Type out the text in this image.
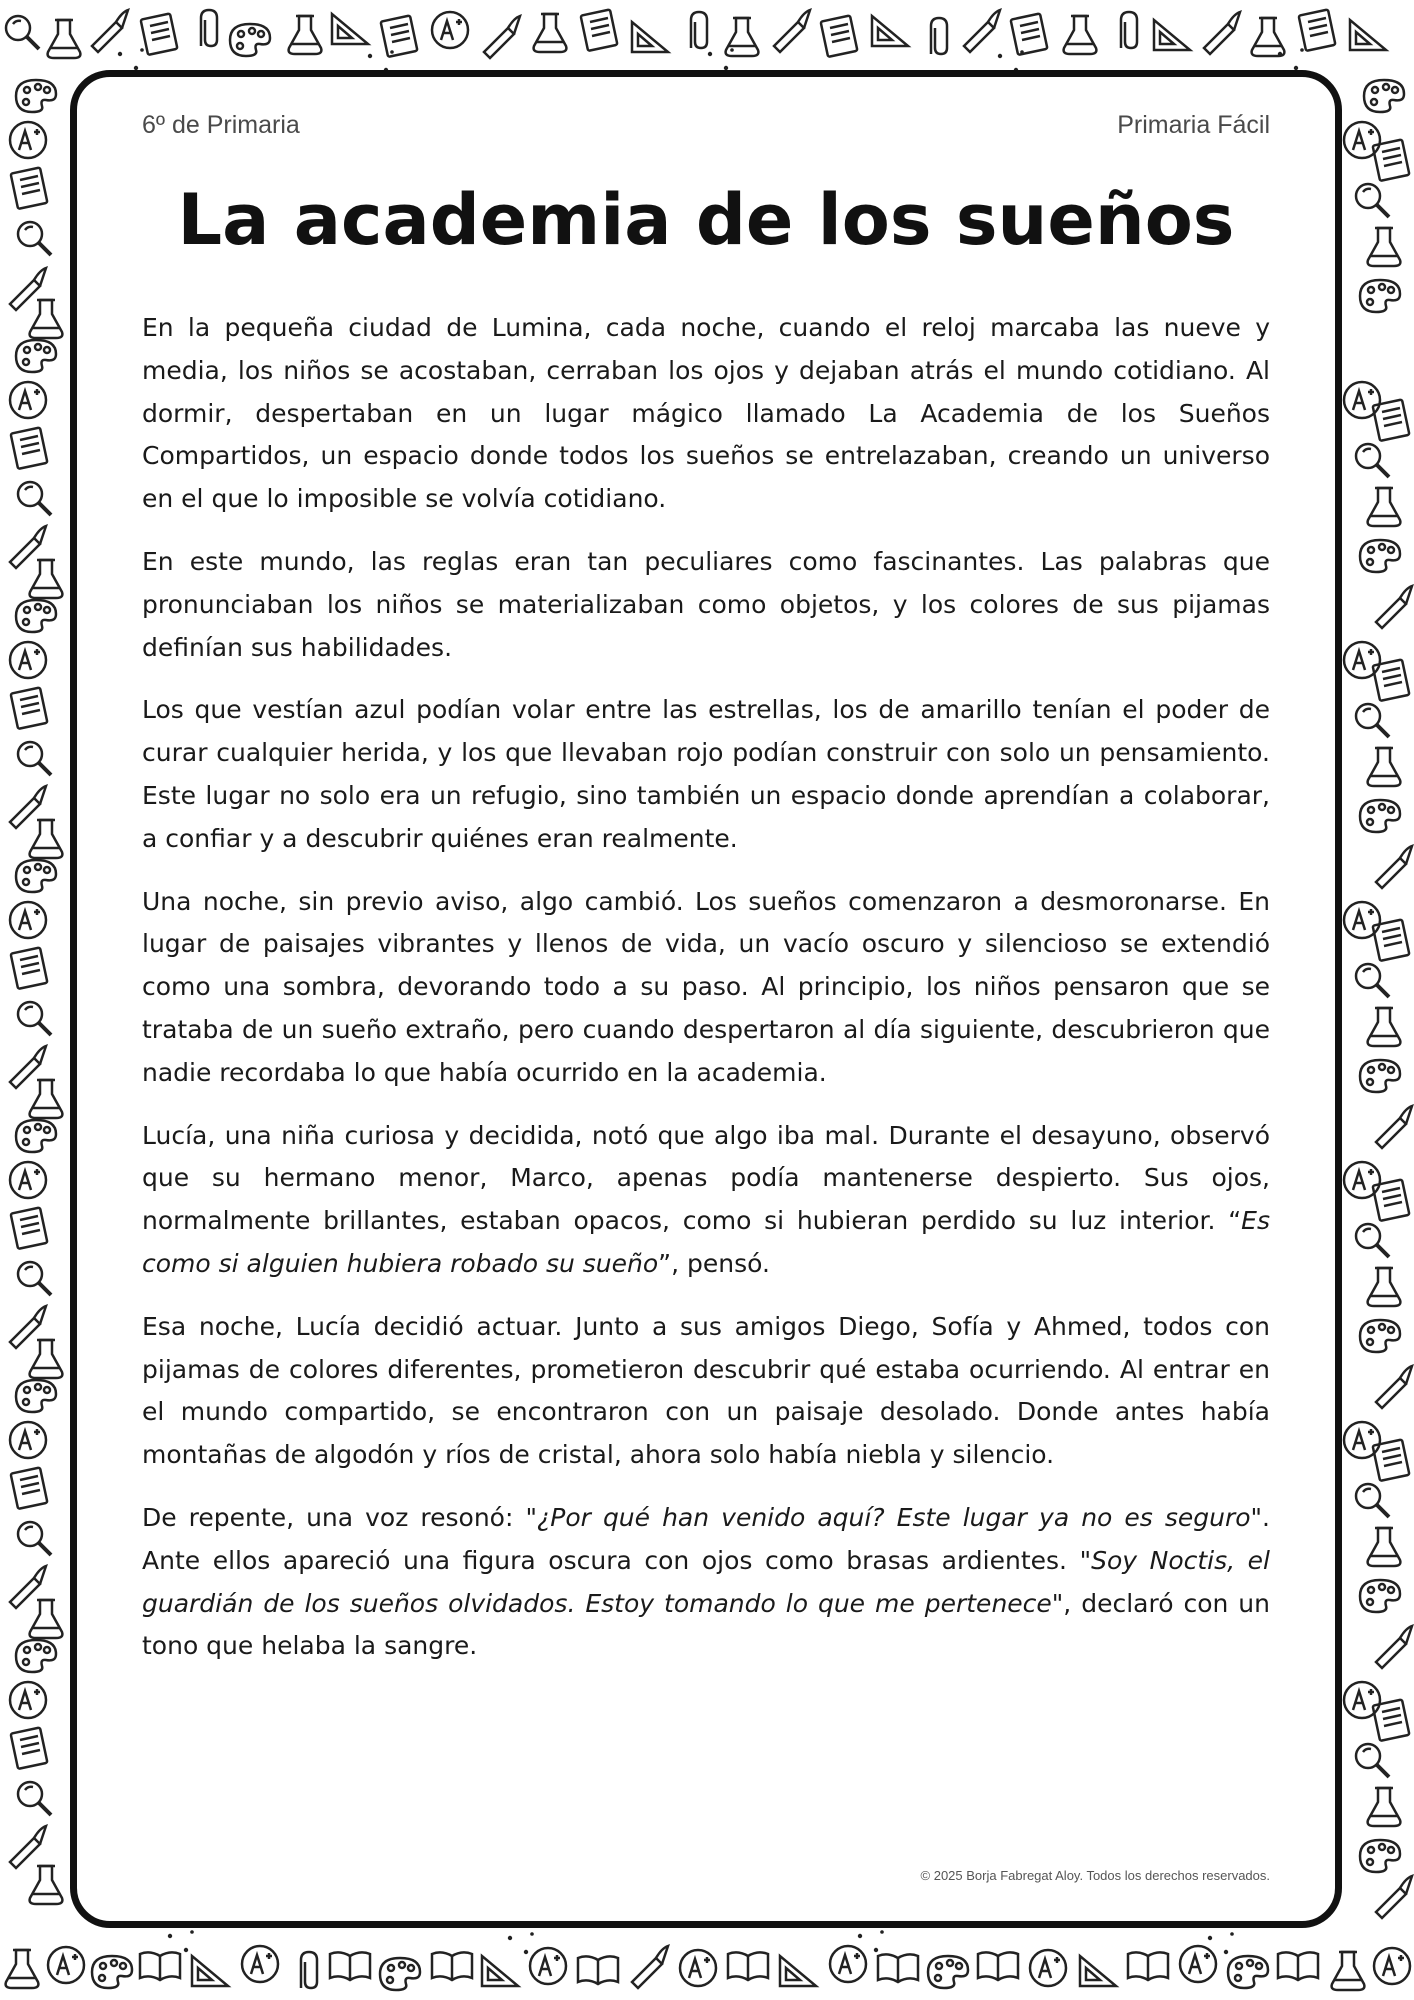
6º de Primaria	Primaria Fácil
La academia de los sueños

En la pequeña ciudad de Lumina, cada noche, cuando el reloj marcaba las nueve y media, los niños se acostaban, cerraban los ojos y dejaban atrás el mundo cotidiano. Al dormir, despertaban en un lugar mágico llamado La Academia de los Sueños Compartidos, un espacio donde todos los sueños se entrelazaban, creando un universo en el que lo imposible se volvía cotidiano.

En este mundo, las reglas eran tan peculiares como fascinantes. Las palabras que pronunciaban los niños se materializaban como objetos, y los colores de sus pijamas definían sus habilidades.

Los que vestían azul podían volar entre las estrellas, los de amarillo tenían el poder de curar cualquier herida, y los que llevaban rojo podían construir con solo un pensamiento. Este lugar no solo era un refugio, sino también un espacio donde aprendían a colaborar, a confiar y a descubrir quiénes eran realmente.

Una noche, sin previo aviso, algo cambió. Los sueños comenzaron a desmoronarse. En lugar de paisajes vibrantes y llenos de vida, un vacío oscuro y silencioso se extendió como una sombra, devorando todo a su paso. Al principio, los niños pensaron que se trataba de un sueño extraño, pero cuando despertaron al día siguiente, descubrieron que nadie recordaba lo que había ocurrido en la academia.

Lucía, una niña curiosa y decidida, notó que algo iba mal. Durante el desayuno, observó que su hermano menor, Marco, apenas podía mantenerse despierto. Sus ojos, normalmente brillantes, estaban opacos, como si hubieran perdido su luz interior. “Es como si alguien hubiera robado su sueño”, pensó.

Esa noche, Lucía decidió actuar. Junto a sus amigos Diego, Sofía y Ahmed, todos con pijamas de colores diferentes, prometieron descubrir qué estaba ocurriendo. Al entrar en el mundo compartido, se encontraron con un paisaje desolado. Donde antes había montañas de algodón y ríos de cristal, ahora solo había niebla y silencio.

De repente, una voz resonó: "¿Por qué han venido aquí? Este lugar ya no es seguro". Ante ellos apareció una figura oscura con ojos como brasas ardientes. "Soy Noctis, el guardián de los sueños olvidados. Estoy tomando lo que me pertenece", declaró con un tono que helaba la sangre.

© 2025 Borja Fabregat Aloy. Todos los derechos reservados.
